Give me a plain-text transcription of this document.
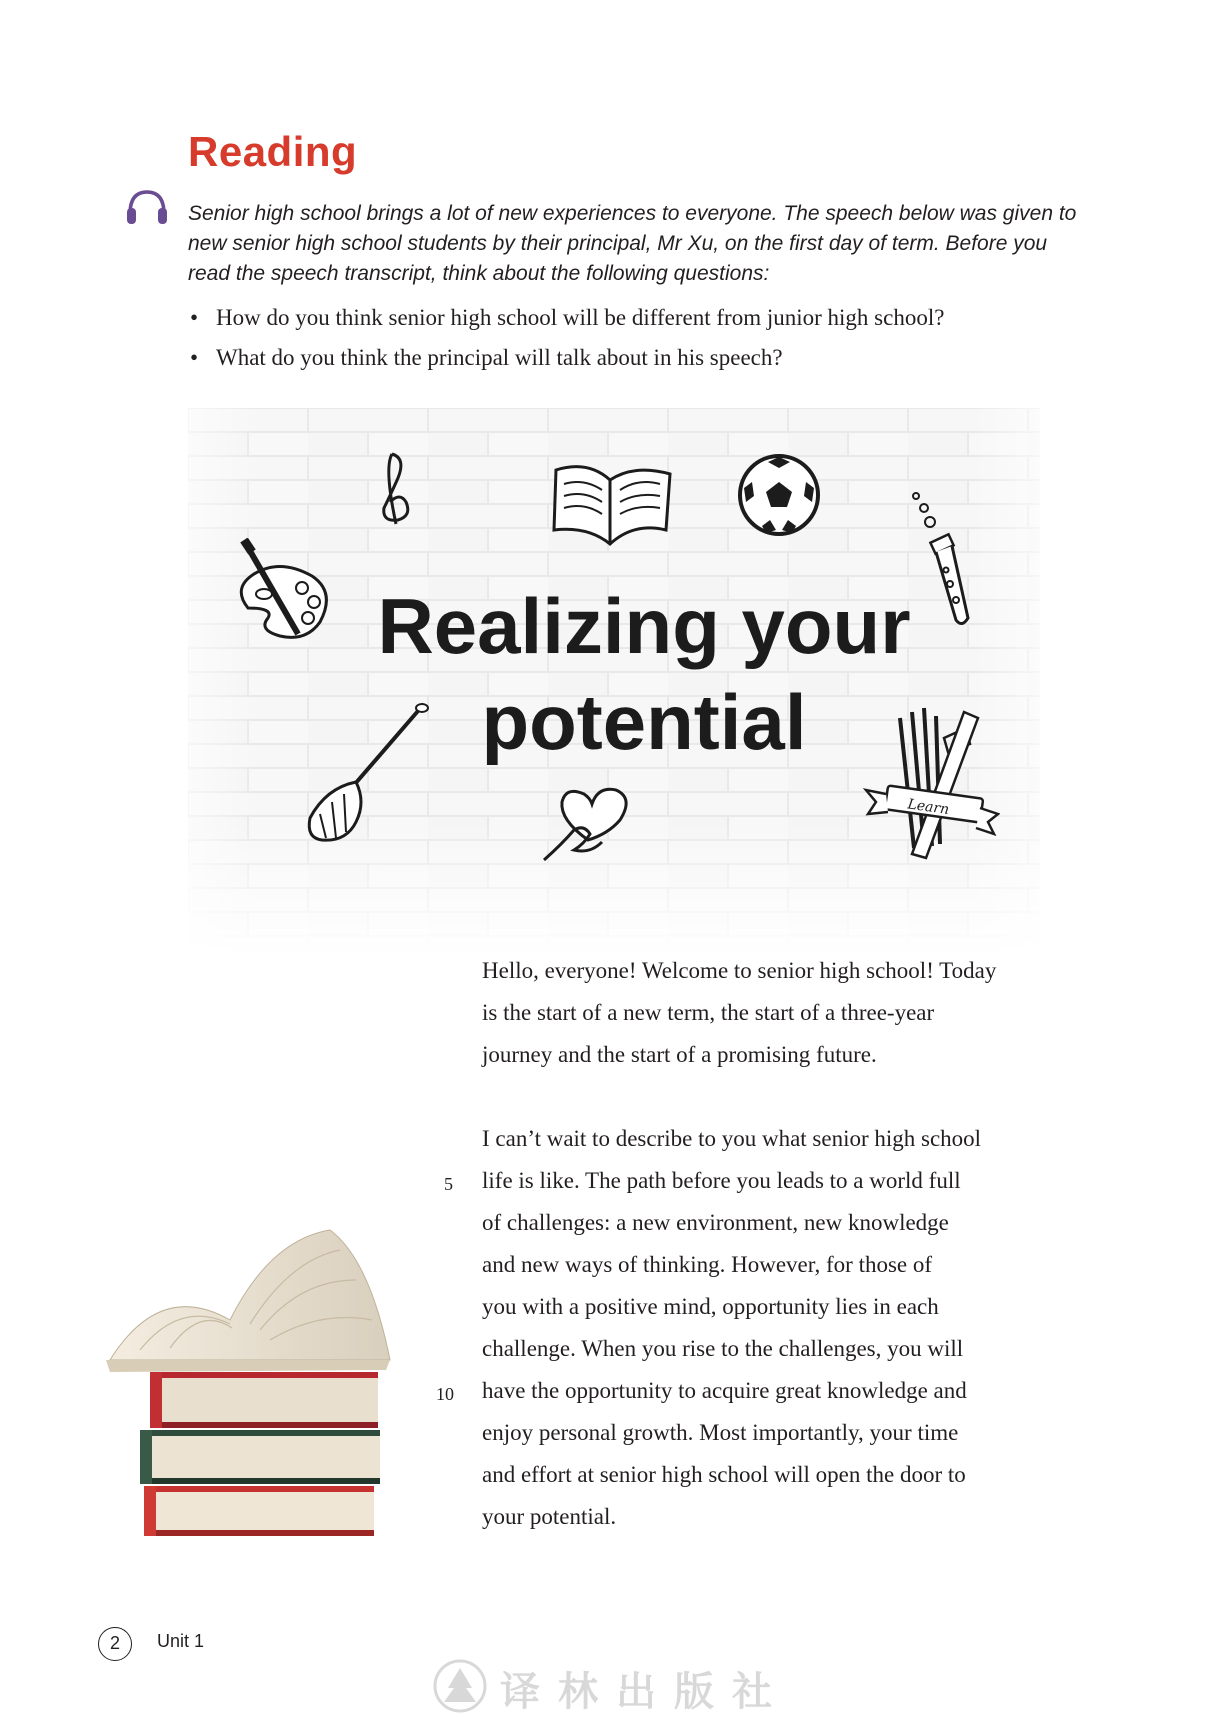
Reading
Senior high school brings a lot of new experiences to everyone. The speech below was given to
new senior high school students by their principal, Mr Xu, on the first day of term. Before you
read the speech transcript, think about the following questions:
• How do you think senior high school will be different from junior high school?
• What do you think the principal will talk about in his speech?
Learn
Realizing your
potential
Hello, everyone! Welcome to senior high school! Today
is the start of a new term, the start of a three-year
journey and the start of a promising future.
I can’t wait to describe to you what senior high school
life is like. The path before you leads to a world full
of challenges: a new environment, new knowledge
and new ways of thinking. However, for those of
you with a positive mind, opportunity lies in each
challenge. When you rise to the challenges, you will
have the opportunity to acquire great knowledge and
enjoy personal growth. Most importantly, your time
and effort at senior high school will open the door to
your potential.
5
10
2	Unit 1
译林出版社
